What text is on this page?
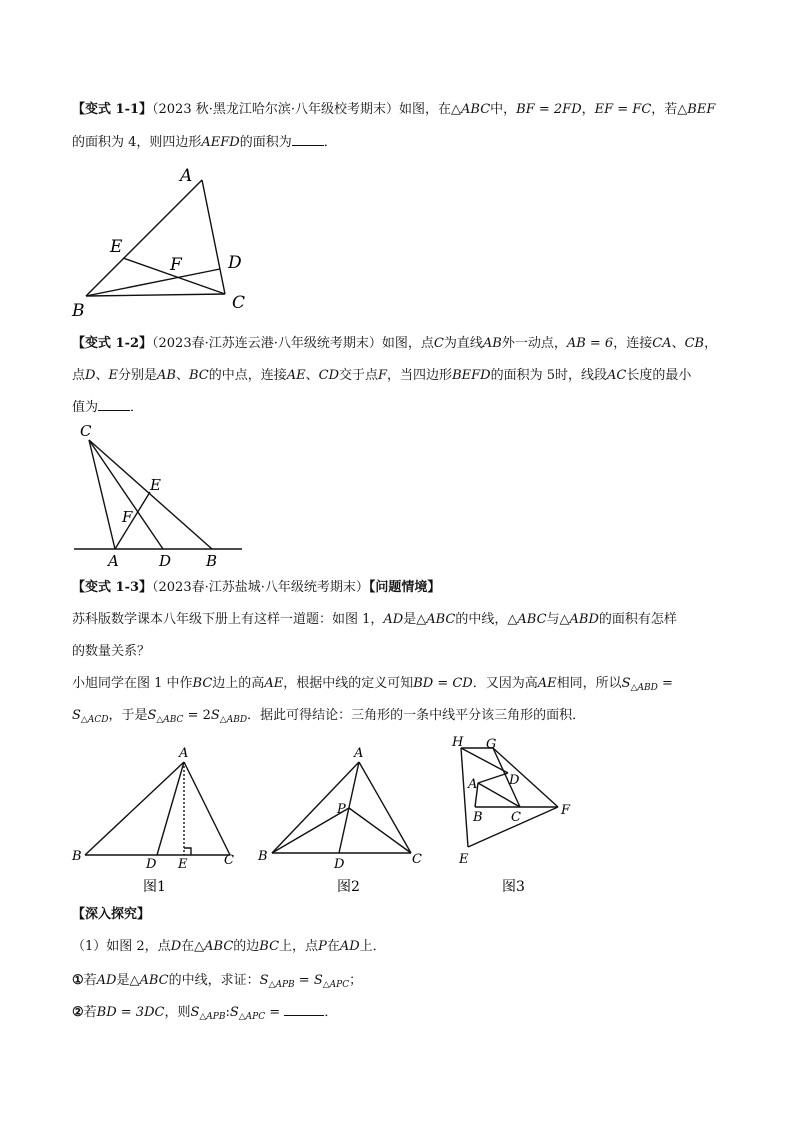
【变式 1-1】（2023 秋·黑龙江哈尔滨·八年级校考期末）如图，在△ABC中，BF = 2FD，EF = FC，若△BEF
的面积为 4，则四边形AEFD的面积为 ．
A
E
F	D
B	C
【变式 1-2】（2023春·江苏连云港·八年级统考期末）如图，点C为直线AB外一动点，AB = 6，连接CA、CB，
点D、E分别是AB、BC的中点，连接AE、CD交于点F，当四边形BEFD的面积为 5时，线段AC长度的最小
值为 ．
C
E
F
A	D B
【变式 1-3】（2023春·江苏盐城·八年级统考期末）【问题情境】
苏科版数学课本八年级下册上有这样一道题：如图 1，AD是△ABC的中线，△ABC与△ABD的面积有怎样
的数量关系？
小旭同学在图 1 中作BC边上的高AE，根据中线的定义可知BD = CD．又因为高AE相同，所以$S_{\triangle ABD}$ =
$S_{\triangle ACD}$，于是$S_{\triangle ABC} = 2S_{\triangle ABD}$．据此可得结论：三角形的一条中线平分该三角形的面积．
A
B
D E	C
图1
A
P
B
D	C
图2
H G
A D
B C	F
E
图3
【深入探究】
（1）如图 2，点D在△ABC的边BC上，点P在AD上．
①若AD是△ABC的中线，求证：$S_{\triangle APB} = S_{\triangle APC}$；
②若BD = 3DC，则$S_{\triangle APB}:S_{\triangle APC}$ =	．
